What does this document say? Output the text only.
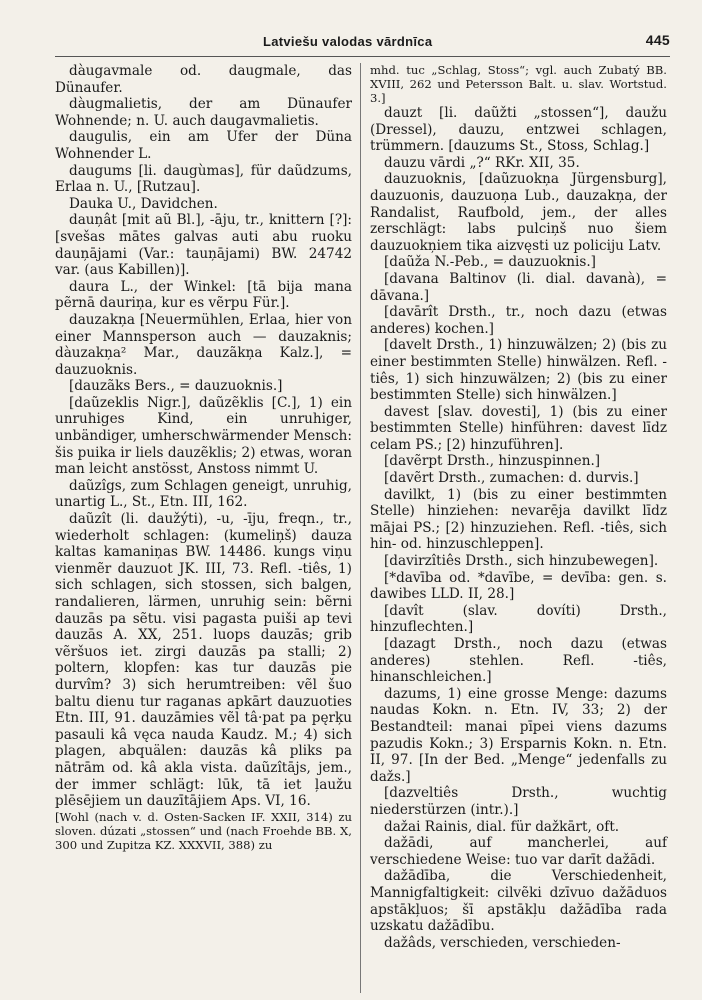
Latviešu valodas vārdnīca	445

dàugavmale od. daugmale, das Dünaufer.

dàugmalietis, der am Dünaufer Wohnende; n. U. auch daugavmalietis.

daugulis, ein am Ufer der Düna Wohnender L.

daugums [li. daugùmas], für daũdzums, Erlaa n. U., [Rutzau].

Dauka U., Davidchen.

dauņât [mit aũ Bl.], -āju, tr., knittern [?]: [svešas mātes galvas auti abu ruoku dauņājami (Var.: tauņājami) BW. 24742 var. (aus Kabillen)].

daura L., der Winkel: [tā bija mana pẽrnā dauriņa, kur es vẽrpu Für.].

dauzakņa [Neuermühlen, Erlaa, hier von einer Mannsperson auch — dauzaknis; dàuzakņa² Mar., dauzãkņa Kalz.], = dauzuoknis.

[dauzãks Bers., = dauzuoknis.]

[daũzeklis Nigr.], daũzẽklis [C.], 1) ein unruhiges Kind, ein unruhiger, unbändiger, umherschwärmender Mensch: šis puika ir liels dauzẽklis; 2) etwas, woran man leicht anstösst, Anstoss nimmt U.

daũzîgs, zum Schlagen geneigt, unruhig, unartig L., St., Etn. III, 162.

daũzît (li. daužýti), -u, -īju, freqn., tr., wiederholt schlagen: (kumeliņš) dauza kaltas kamaniņas BW. 14486. kungs viņu vienmẽr dauzuot JK. III, 73. Refl. -tiês, 1) sich schlagen, sich stossen, sich balgen, randalieren, lärmen, unruhig sein: bẽrni dauzās pa sẽtu. visi pagasta puiši ap tevi dauzās A. XX, 251. luops dauzās; grib vẽršuos iet. zirgi dauzās pa stalli; 2) poltern, klopfen: kas tur dauzās pie durvîm? 3) sich herumtreiben: vẽl šuo baltu dienu tur raganas apkārt dauzuoties Etn. III, 91. dauzāmies vẽl tâ·pat pa pęrķu pasauli kâ vęca nauda Kaudz. M.; 4) sich plagen, abquälen: dauzās kâ pliks pa nātrām od. kâ akla vista. daũzîtājs, jem., der immer schlägt: lūk, tā iet ļaužu plēsējiem un dauzītājiem Aps. VI, 16.

[Wohl (nach v. d. Osten-Sacken IF. XXII, 314) zu sloven. dúzati „stossen“ und (nach Froehde BB. X, 300 und Zupitza KZ. XXXVII, 388) zu

mhd. tuc „Schlag, Stoss“; vgl. auch Zubatý BB. XVIII, 262 und Petersson Balt. u. slav. Wortstud. 3.]

dauzt [li. daũžti „stossen“], daužu (Dressel), dauzu, entzwei schlagen, trümmern. [dauzums St., Stoss, Schlag.]

dauzu vārdi „?“ RKr. XII, 35.

dauzuoknis, [daũzuokņa Jürgensburg], dauzuonis, dauzuoņa Lub., dauzakņa, der Randalist, Raufbold, jem., der alles zerschlägt: labs pulciņš nuo šiem dauzuokņiem tika aizvęsti uz policiju Latv.

[daũža N.-Peb., = dauzuoknis.]

[davana Baltinov (li. dial. davanà), = dāvana.]

[davārît Drsth., tr., noch dazu (etwas anderes) kochen.]

[davelt Drsth., 1) hinzuwälzen; 2) (bis zu einer bestimmten Stelle) hinwälzen. Refl. -tiês, 1) sich hinzuwälzen; 2) (bis zu einer bestimmten Stelle) sich hinwälzen.]

davest [slav. dovesti], 1) (bis zu einer bestimmten Stelle) hinführen: davest līdz celam PS.; [2) hinzuführen].

[davẽrpt Drsth., hinzuspinnen.]

[davẽrt Drsth., zumachen: d. durvis.]

davilkt, 1) (bis zu einer bestimmten Stelle) hinziehen: nevarēja davilkt līdz mājai PS.; [2) hinzuziehen. Refl. -tiês, sich hin- od. hinzuschleppen].

[davirzîtiês Drsth., sich hinzubewegen].

[*davība od. *davībe, = devība: gen. s. dawibes LLD. II, 28.]

[davît (slav. dovíti) Drsth., hinzuflechten.]

[dazagt Drsth., noch dazu (etwas anderes) stehlen. Refl. -tiês, hinanschleichen.]

dazums, 1) eine grosse Menge: dazums naudas Kokn. n. Etn. IV, 33; 2) der Bestandteil: manai pīpei viens dazums pazudis Kokn.; 3) Ersparnis Kokn. n. Etn. II, 97. [In der Bed. „Menge“ jedenfalls zu dažs.]

[dazveltiês Drsth., wuchtig niederstürzen (intr.).]

dažai Rainis, dial. für dažkārt, oft.

dažādi, auf mancherlei, auf verschiedene Weise: tuo var darīt dažādi.

dažādība, die Verschiedenheit, Mannigfaltigkeit: cilvẽki dzīvuo dažāduos apstākļuos; šī apstākļu dažādība rada uzskatu dažādību.

dažâds, verschieden, verschieden-
